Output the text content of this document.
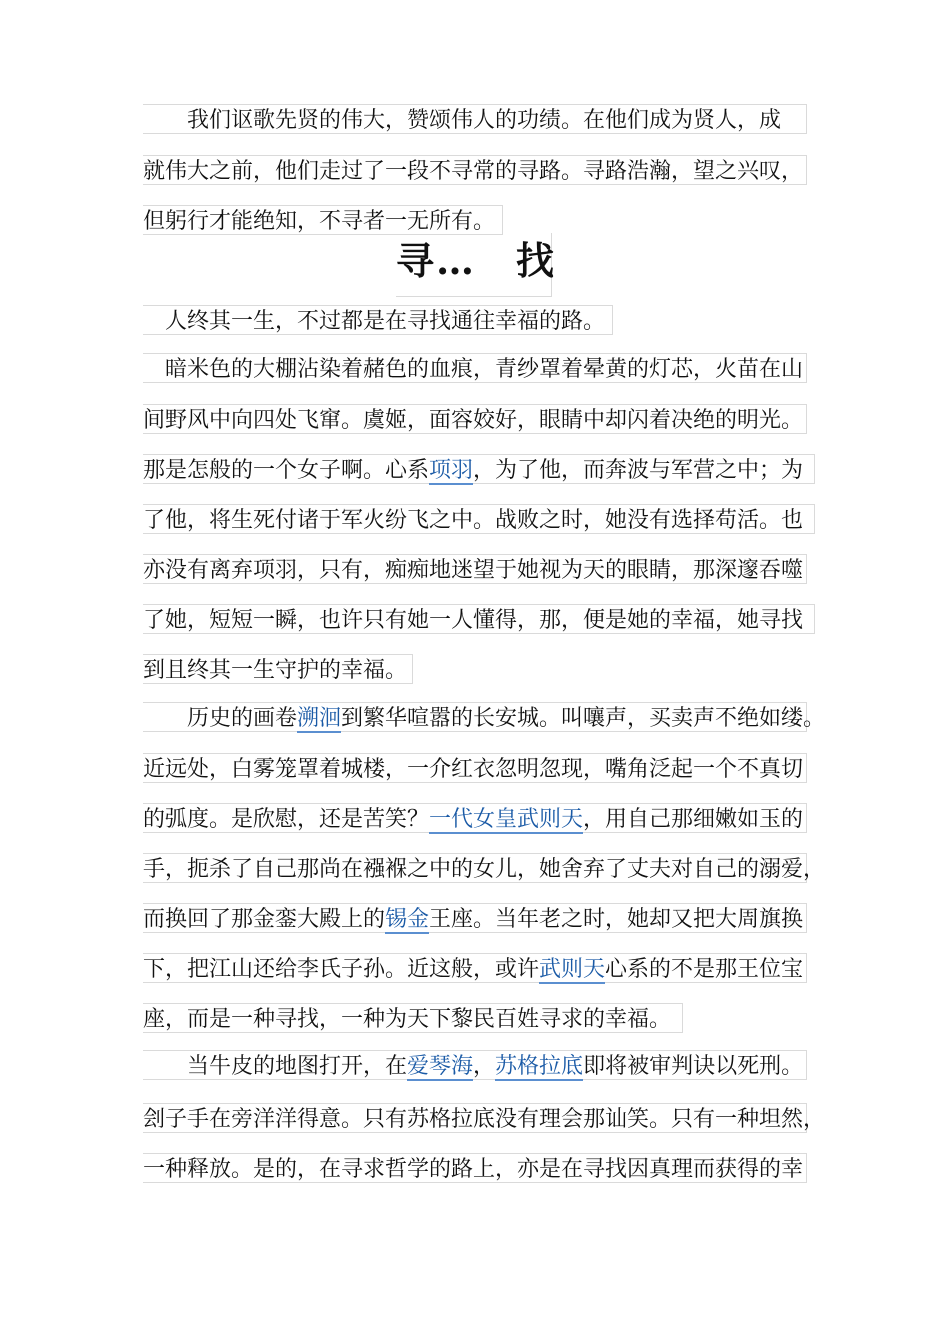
　　我们讴歌先贤的伟大，赞颂伟人的功绩。在他们成为贤人，成
就伟大之前，他们走过了一段不寻常的寻路。寻路浩瀚，望之兴叹，
但躬行才能绝知，不寻者一无所有。
寻…　找
　人终其一生，不过都是在寻找通往幸福的路。
　暗米色的大棚沾染着赭色的血痕，青纱罩着晕黄的灯芯，火苗在山
间野风中向四处飞窜。虞姬，面容姣好，眼睛中却闪着决绝的明光。
那是怎般的一个女子啊。心系项羽，为了他，而奔波与军营之中；为
了他，将生死付诸于军火纷飞之中。战败之时，她没有选择苟活。也
亦没有离弃项羽，只有，痴痴地迷望于她视为天的眼睛，那深邃吞噬
了她，短短一瞬，也许只有她一人懂得，那，便是她的幸福，她寻找
到且终其一生守护的幸福。
　　历史的画卷溯洄到繁华喧嚣的长安城。叫嚷声，买卖声不绝如缕。
近远处，白雾笼罩着城楼，一介红衣忽明忽现，嘴角泛起一个不真切
的弧度。是欣慰，还是苦笑？一代女皇武则天，用自己那细嫩如玉的
手，扼杀了自己那尚在襁褓之中的女儿，她舍弃了丈夫对自己的溺爱，
而换回了那金銮大殿上的锡金王座。当年老之时，她却又把大周旗换
下，把江山还给李氏子孙。近这般，或许武则天心系的不是那王位宝
座，而是一种寻找，一种为天下黎民百姓寻求的幸福。
　　当牛皮的地图打开，在爱琴海，苏格拉底即将被审判诀以死刑。
刽子手在旁洋洋得意。只有苏格拉底没有理会那讪笑。只有一种坦然，
一种释放。是的，在寻求哲学的路上，亦是在寻找因真理而获得的幸
